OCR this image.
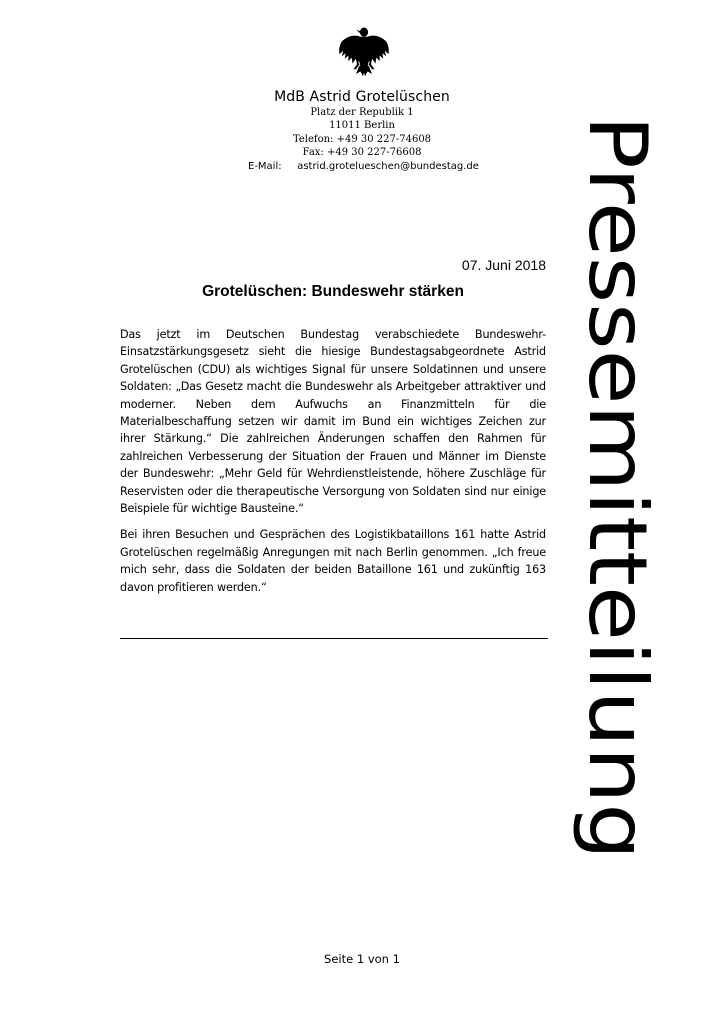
MdB Astrid Grotelüschen
Platz der Republik 1
11011 Berlin
Telefon: +49 30 227-74608
Fax: +49 30 227-76608
E-Mail: astrid.grotelueschen@bundestag.de	Pressemitteilung
07. Juni 2018
Grotelüschen: Bundeswehr stärken

Das jetzt im Deutschen Bundestag verabschiedete Bundeswehr-Einsatzstärkungsgesetz sieht die hiesige Bundestagsabgeordnete Astrid Grotelüschen (CDU) als wichtiges Signal für unsere Soldatinnen und unsere Soldaten: „Das Gesetz macht die Bundeswehr als Arbeitgeber attraktiver und moderner. Neben dem Aufwuchs an Finanzmitteln für die Materialbeschaffung setzen wir damit im Bund ein wichtiges Zeichen zur ihrer Stärkung.“ Die zahlreichen Änderungen schaffen den Rahmen für zahlreichen Verbesserung der Situation der Frauen und Männer im Dienste der Bundeswehr: „Mehr Geld für Wehrdienstleistende, höhere Zuschläge für Reservisten oder die therapeutische Versorgung von Soldaten sind nur einige Beispiele für wichtige Bausteine.“

Bei ihren Besuchen und Gesprächen des Logistikbataillons 161 hatte Astrid Grotelüschen regelmäßig Anregungen mit nach Berlin genommen. „Ich freue mich sehr, dass die Soldaten der beiden Bataillone 161 und zukünftig 163 davon profitieren werden.“

Seite 1 von 1
